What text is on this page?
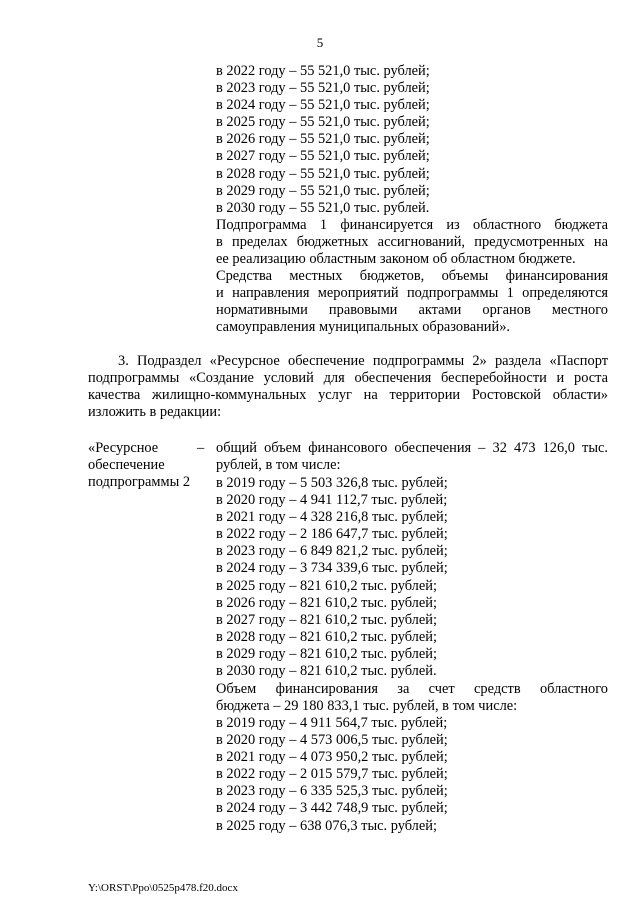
5
в 2022 году – 55 521,0 тыс. рублей;
в 2023 году – 55 521,0 тыс. рублей;
в 2024 году – 55 521,0 тыс. рублей;
в 2025 году – 55 521,0 тыс. рублей;
в 2026 году – 55 521,0 тыс. рублей;
в 2027 году – 55 521,0 тыс. рублей;
в 2028 году – 55 521,0 тыс. рублей;
в 2029 году – 55 521,0 тыс. рублей;
в 2030 году – 55 521,0 тыс. рублей.
Подпрограмма 1 финансируется из областного бюджета
в пределах бюджетных ассигнований, предусмотренных на
ее реализацию областным законом об областном бюджете.
Средства местных бюджетов, объемы финансирования
и направления мероприятий подпрограммы 1 определяются
нормативными правовыми актами органов местного
самоуправления муниципальных образований».
3. Подраздел «Ресурсное обеспечение подпрограммы 2» раздела «Паспорт
подпрограммы «Создание условий для обеспечения бесперебойности и роста
качества жилищно-коммунальных услуг на территории Ростовской области»
изложить в редакции:
«Ресурсное
обеспечение
подпрограммы 2
– общий объем финансового обеспечения – 32 473 126,0 тыс.
рублей, в том числе:
в 2019 году – 5 503 326,8 тыс. рублей;
в 2020 году – 4 941 112,7 тыс. рублей;
в 2021 году – 4 328 216,8 тыс. рублей;
в 2022 году – 2 186 647,7 тыс. рублей;
в 2023 году – 6 849 821,2 тыс. рублей;
в 2024 году – 3 734 339,6 тыс. рублей;
в 2025 году – 821 610,2 тыс. рублей;
в 2026 году – 821 610,2 тыс. рублей;
в 2027 году – 821 610,2 тыс. рублей;
в 2028 году – 821 610,2 тыс. рублей;
в 2029 году – 821 610,2 тыс. рублей;
в 2030 году – 821 610,2 тыс. рублей.
Объем финансирования за счет средств областного
бюджета – 29 180 833,1 тыс. рублей, в том числе:
в 2019 году – 4 911 564,7 тыс. рублей;
в 2020 году – 4 573 006,5 тыс. рублей;
в 2021 году – 4 073 950,2 тыс. рублей;
в 2022 году – 2 015 579,7 тыс. рублей;
в 2023 году – 6 335 525,3 тыс. рублей;
в 2024 году – 3 442 748,9 тыс. рублей;
в 2025 году – 638 076,3 тыс. рублей;
Y:\ORST\Ppo\0525p478.f20.docx
